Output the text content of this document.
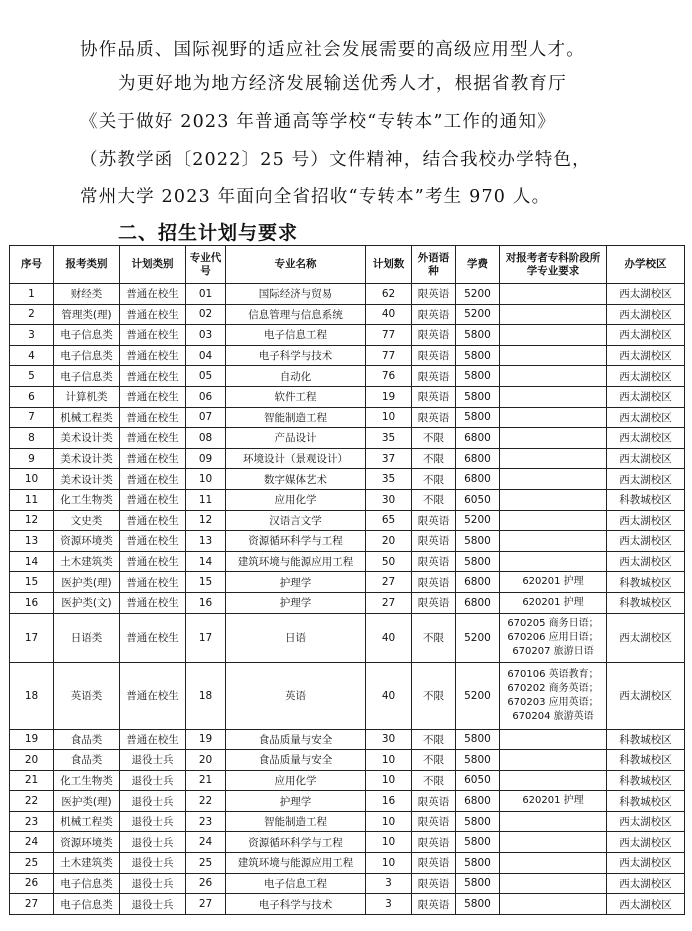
协作品质、国际视野的适应社会发展需要的高级应用型人才。
为更好地为地方经济发展输送优秀人才，根据省教育厅
《关于做好 2023 年普通高等学校“专转本”工作的通知》
（苏教学函〔2022〕25 号）文件精神，结合我校办学特色，
常州大学 2023 年面向全省招收“专转本”考生 970 人。
二、招生计划与要求
序号	报考类别	计划类别	专业代号	专业名称	计划数	外语语种	学费	对报考者专科阶段所学专业要求	办学校区
1	财经类	普通在校生	01	国际经济与贸易	62	限英语	5200		西太湖校区
2	管理类(理)	普通在校生	02	信息管理与信息系统	40	限英语	5200		西太湖校区
3	电子信息类	普通在校生	03	电子信息工程	77	限英语	5800		西太湖校区
4	电子信息类	普通在校生	04	电子科学与技术	77	限英语	5800		西太湖校区
5	电子信息类	普通在校生	05	自动化	76	限英语	5800		西太湖校区
6	计算机类	普通在校生	06	软件工程	19	限英语	5800		西太湖校区
7	机械工程类	普通在校生	07	智能制造工程	10	限英语	5800		西太湖校区
8	美术设计类	普通在校生	08	产品设计	35	不限	6800		西太湖校区
9	美术设计类	普通在校生	09	环境设计（景观设计）	37	不限	6800		西太湖校区
10	美术设计类	普通在校生	10	数字媒体艺术	35	不限	6800		西太湖校区
11	化工生物类	普通在校生	11	应用化学	30	不限	6050		科教城校区
12	文史类	普通在校生	12	汉语言文学	65	限英语	5200		西太湖校区
13	资源环境类	普通在校生	13	资源循环科学与工程	20	限英语	5800		西太湖校区
14	土木建筑类	普通在校生	14	建筑环境与能源应用工程	50	限英语	5800		西太湖校区
15	医护类(理)	普通在校生	15	护理学	27	限英语	6800	620201 护理	科教城校区
16	医护类(文)	普通在校生	16	护理学	27	限英语	6800	620201 护理	科教城校区
17	日语类	普通在校生	17	日语	40	不限	5200	670205 商务日语；670206 应用日语；670207 旅游日语	西太湖校区
18	英语类	普通在校生	18	英语	40	不限	5200	670106 英语教育；670202 商务英语；670203 应用英语；670204 旅游英语	西太湖校区
19	食品类	普通在校生	19	食品质量与安全	30	不限	5800		科教城校区
20	食品类	退役士兵	20	食品质量与安全	10	不限	5800		科教城校区
21	化工生物类	退役士兵	21	应用化学	10	不限	6050		科教城校区
22	医护类(理)	退役士兵	22	护理学	16	限英语	6800	620201 护理	科教城校区
23	机械工程类	退役士兵	23	智能制造工程	10	限英语	5800		西太湖校区
24	资源环境类	退役士兵	24	资源循环科学与工程	10	限英语	5800		西太湖校区
25	土木建筑类	退役士兵	25	建筑环境与能源应用工程	10	限英语	5800		西太湖校区
26	电子信息类	退役士兵	26	电子信息工程	3	限英语	5800		西太湖校区
27	电子信息类	退役士兵	27	电子科学与技术	3	限英语	5800		西太湖校区
